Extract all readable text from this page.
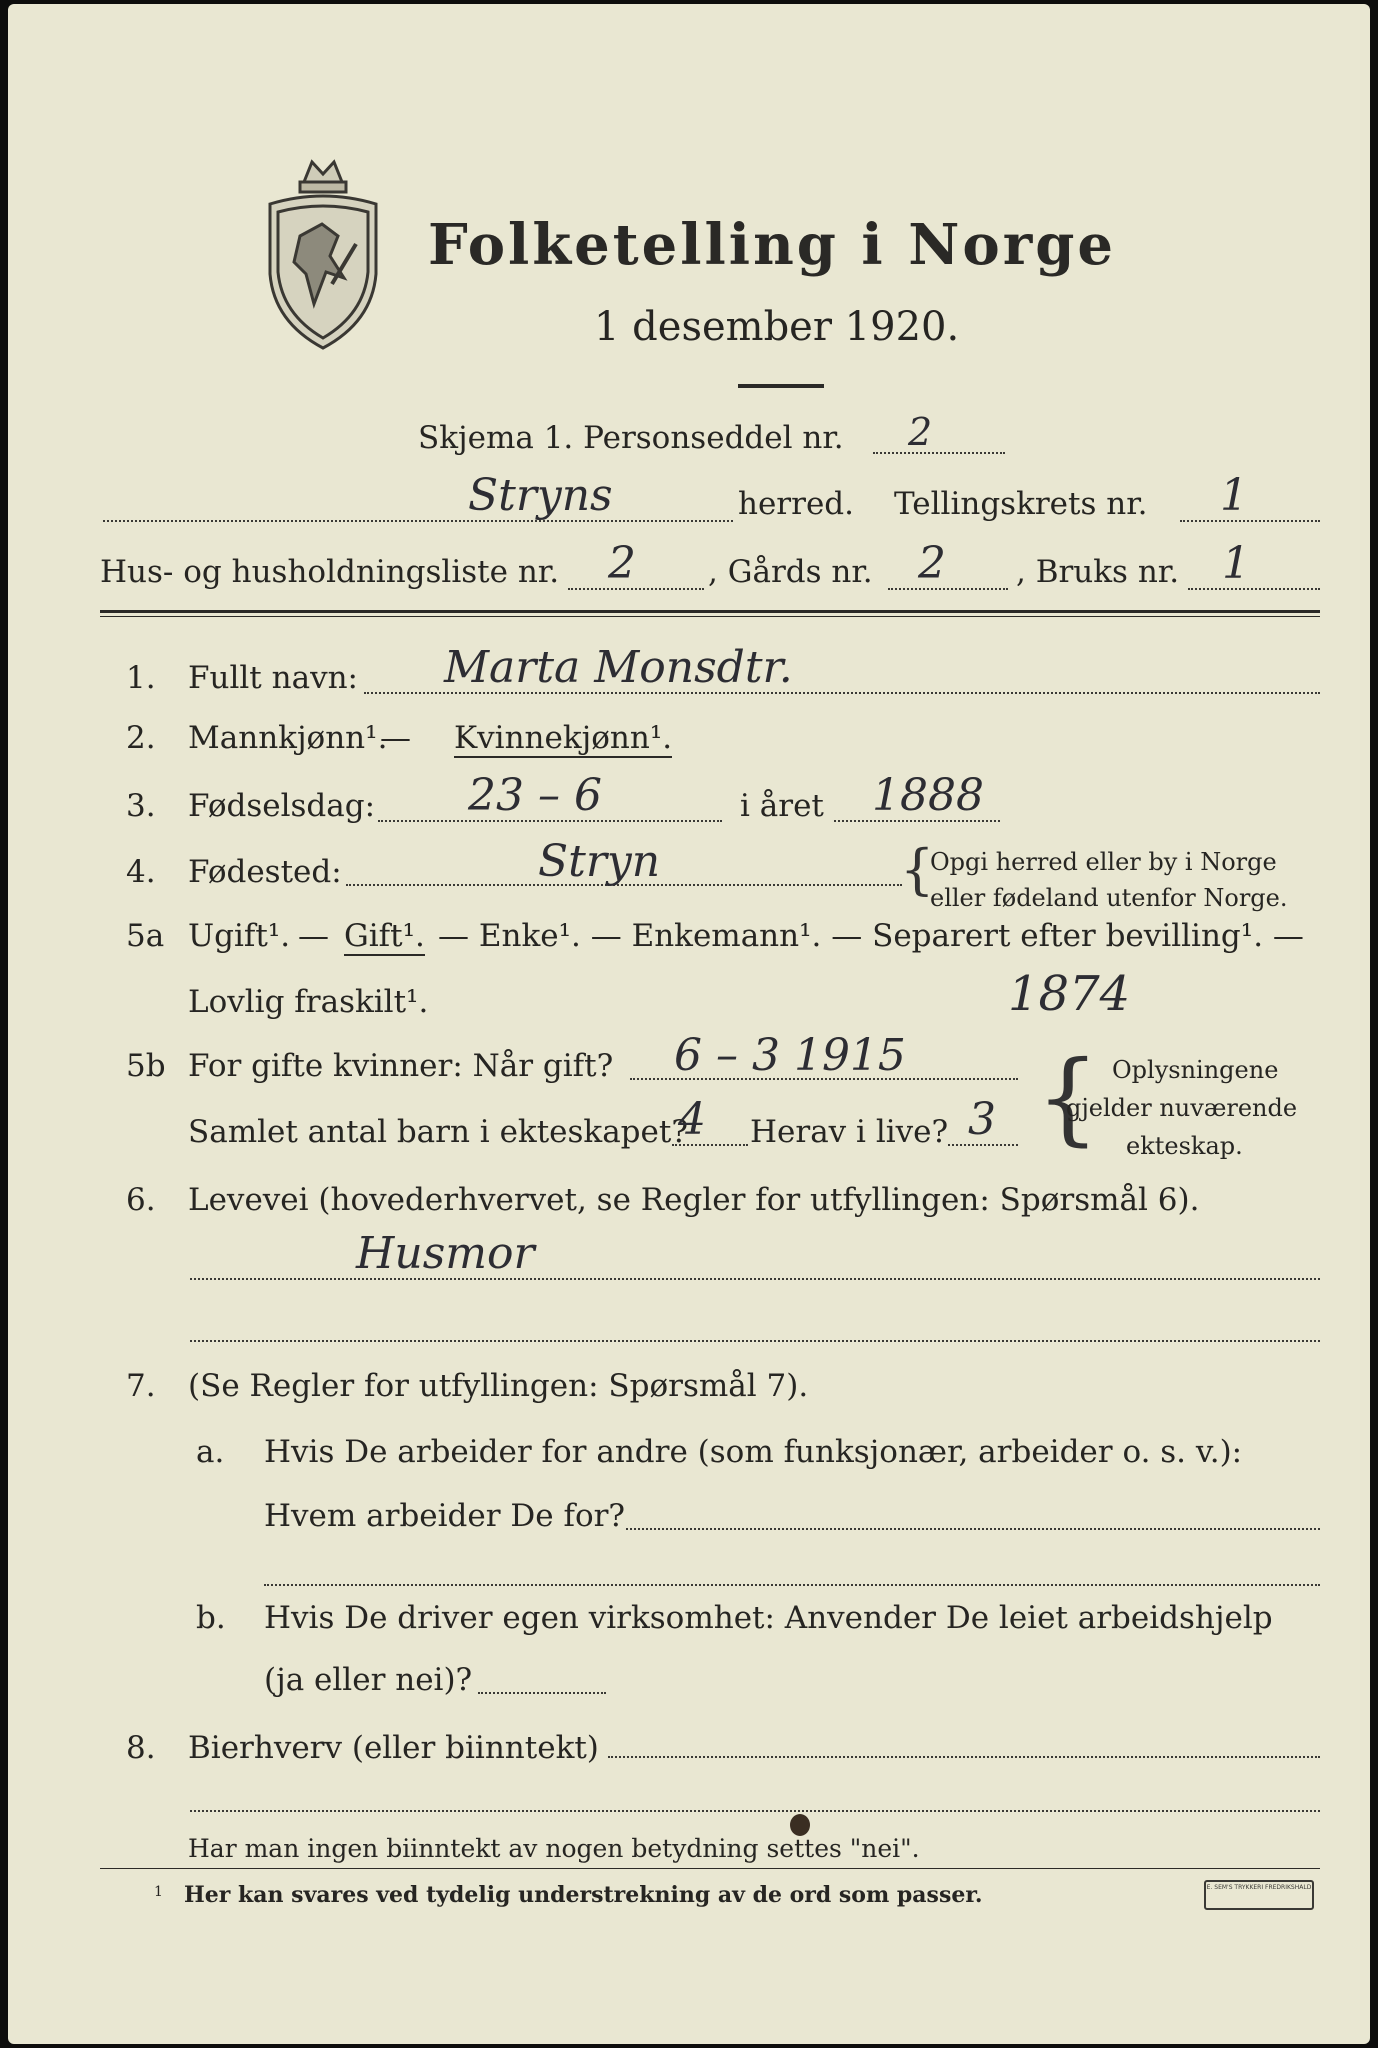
Folketelling i Norge
1 desember 1920.
Skjema 1. Personseddel nr. 2
Stryns	herred. Tellingskrets nr. 1
Hus- og husholdningsliste nr. 2 , Gårds nr. 2 , Bruks nr. 1
1. Fullt navn: Marta Monsdtr.
2. Mannkjønn¹.
— Kvinnekjønn¹.
3. Fødselsdag: 23 – 6	i året 1888
4. Fødested:	Stryn	{
Opgi herred eller by i Norge
eller fødeland utenfor Norge.
5a Ugift¹. — Gift¹. — Enke¹. — Enkemann¹. — Separert efter bevilling¹. —
Lovlig fraskilt¹.	1874
5b For gifte kvinner: Når gift? 6 – 3 1915
Samlet antal barn i ekteskapet?
4 Herav i live? 3 { Oplysningene
gjelder nuværende
ekteskap.
6. Levevei (hovederhvervet, se Regler for utfyllingen: Spørsmål 6).
Husmor
7. (Se Regler for utfyllingen: Spørsmål 7).
a. Hvis De arbeider for andre (som funksjonær, arbeider o. s. v.):
Hvem arbeider De for?
b. Hvis De driver egen virksomhet: Anvender De leiet arbeidshjelp
(ja eller nei)?
8. Bierhverv (eller biinntekt)
Har man ingen biinntekt av nogen betydning settes "nei".
1 Her kan svares ved tydelig understrekning av de ord som passer.	E. SEM'S TRYKKERI FREDRIKSHALD
